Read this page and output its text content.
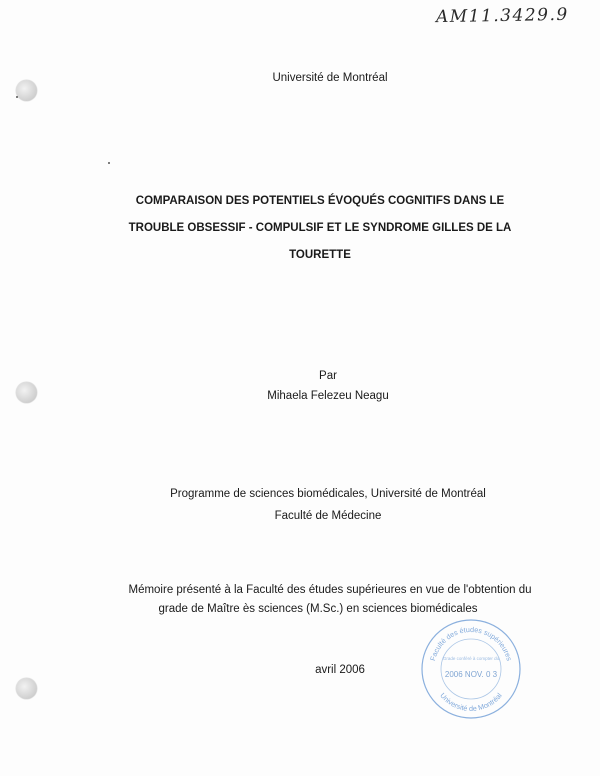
AM11.3429.9
Université de Montréal
COMPARAISON DES POTENTIELS ÉVOQUÉS COGNITIFS DANS LE
TROUBLE OBSESSIF - COMPULSIF ET LE SYNDROME GILLES DE LA
TOURETTE
Par
Mihaela Felezeu Neagu
Programme de sciences biomédicales, Université de Montréal
Faculté de Médecine
Mémoire présenté à la Faculté des études supérieures en vue de l'obtention du
grade de Maître ès sciences (M.Sc.) en sciences biomédicales
avril 2006
Faculté des études supérieures
Université de Montréal
Grade conféré à compter du
2006 NOV. 0 3
